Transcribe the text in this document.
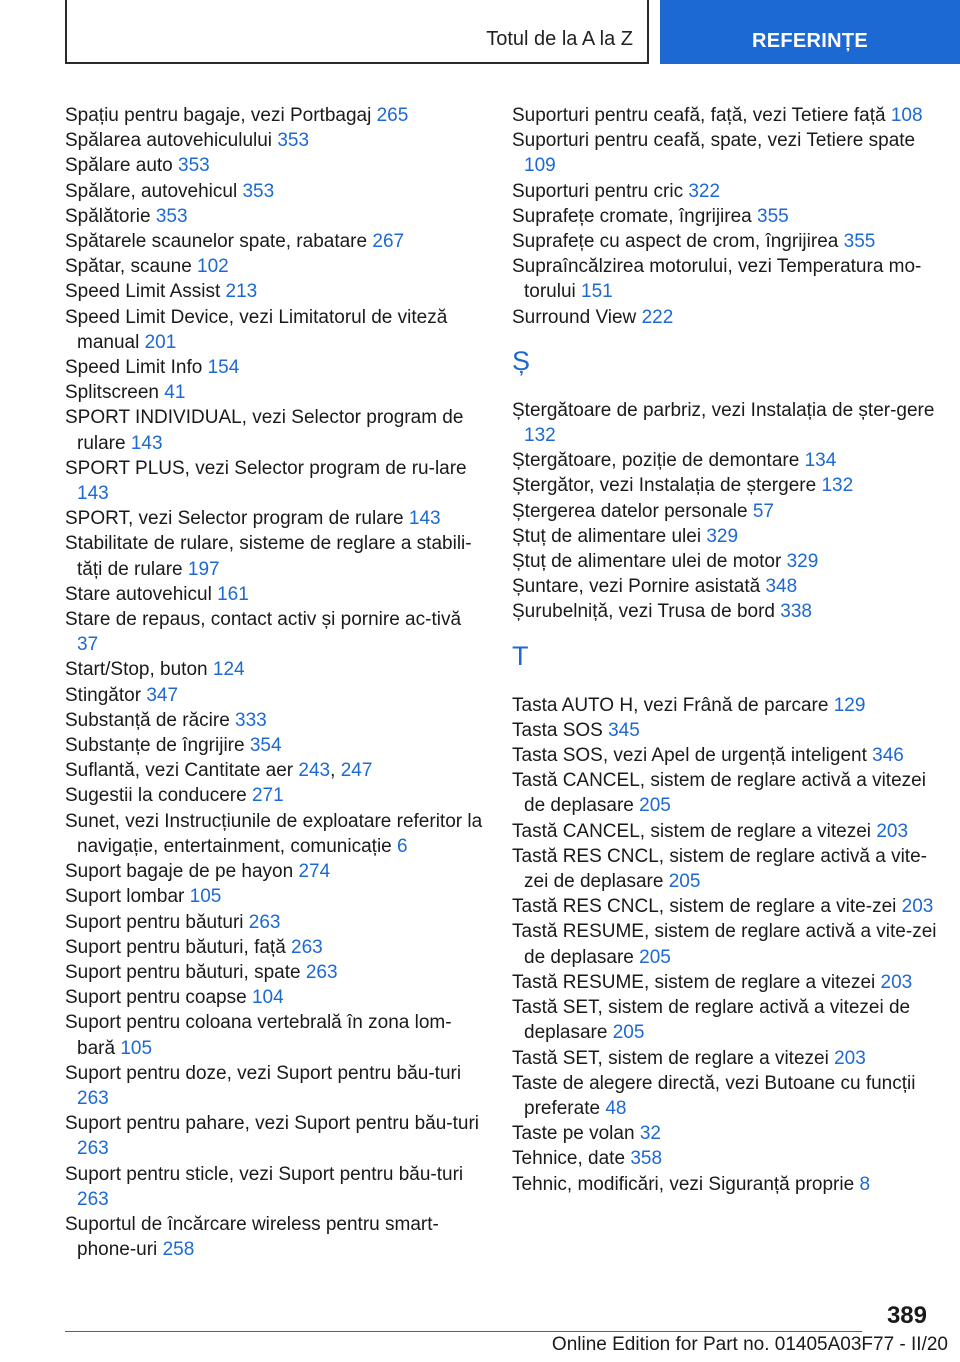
Totul de la A la Z	REFERINȚE
Spațiu pentru bagaje, vezi Portbagaj 265
Spălarea autovehiculului 353
Spălare auto 353
Spălare, autovehicul 353
Spălătorie 353
Spătarele scaunelor spate, rabatare 267
Spătar, scaune 102
Speed Limit Assist 213
Speed Limit Device, vezi Limitatorul de viteză manual 201
Speed Limit Info 154
Splitscreen 41
SPORT INDIVIDUAL, vezi Selector program de rulare 143
SPORT PLUS, vezi Selector program de ru‐lare 143
SPORT, vezi Selector program de rulare 143
Stabilitate de rulare, sisteme de reglare a stabili‐tăți de rulare 197
Stare autovehicul 161
Stare de repaus, contact activ și pornire ac‐tivă 37
Start/Stop, buton 124
Stingător 347
Substanță de răcire 333
Substanțe de îngrijire 354
Suflantă, vezi Cantitate aer 243, 247
Sugestii la conducere 271
Sunet, vezi Instrucțiunile de exploatare referitor la navigație, entertainment, comunicație 6
Suport bagaje de pe hayon 274
Suport lombar 105
Suport pentru băuturi 263
Suport pentru băuturi, față 263
Suport pentru băuturi, spate 263
Suport pentru coapse 104
Suport pentru coloana vertebrală în zona lom‐bară 105
Suport pentru doze, vezi Suport pentru bău‐turi 263
Suport pentru pahare, vezi Suport pentru bău‐turi 263
Suport pentru sticle, vezi Suport pentru bău‐turi 263
Suportul de încărcare wireless pentru smart‐phone-uri 258
Suporturi pentru ceafă, față, vezi Tetiere față 108
Suporturi pentru ceafă, spate, vezi Tetiere spate 109
Suporturi pentru cric 322
Suprafețe cromate, îngrijirea 355
Suprafețe cu aspect de crom, îngrijirea 355
Supraîncălzirea motorului, vezi Temperatura mo‐torului 151
Surround View 222
Ș
Ștergătoare de parbriz, vezi Instalația de șter‐gere 132
Ștergătoare, poziție de demontare 134
Ștergător, vezi Instalația de ștergere 132
Ștergerea datelor personale 57
Ștuț de alimentare ulei 329
Ștuț de alimentare ulei de motor 329
Șuntare, vezi Pornire asistată 348
Șurubelniță, vezi Trusa de bord 338
T
Tasta AUTO H, vezi Frână de parcare 129
Tasta SOS 345
Tasta SOS, vezi Apel de urgență inteligent 346
Tastă CANCEL, sistem de reglare activă a vitezei de deplasare 205
Tastă CANCEL, sistem de reglare a vitezei 203
Tastă RES CNCL, sistem de reglare activă a vite‐zei de deplasare 205
Tastă RES CNCL, sistem de reglare a vite‐zei 203
Tastă RESUME, sistem de reglare activă a vite‐zei de deplasare 205
Tastă RESUME, sistem de reglare a vitezei 203
Tastă SET, sistem de reglare activă a vitezei de deplasare 205
Tastă SET, sistem de reglare a vitezei 203
Taste de alegere directă, vezi Butoane cu funcții preferate 48
Taste pe volan 32
Tehnice, date 358
Tehnic, modificări, vezi Siguranță proprie 8
389
Online Edition for Part no. 01405A03F77 - II/20
